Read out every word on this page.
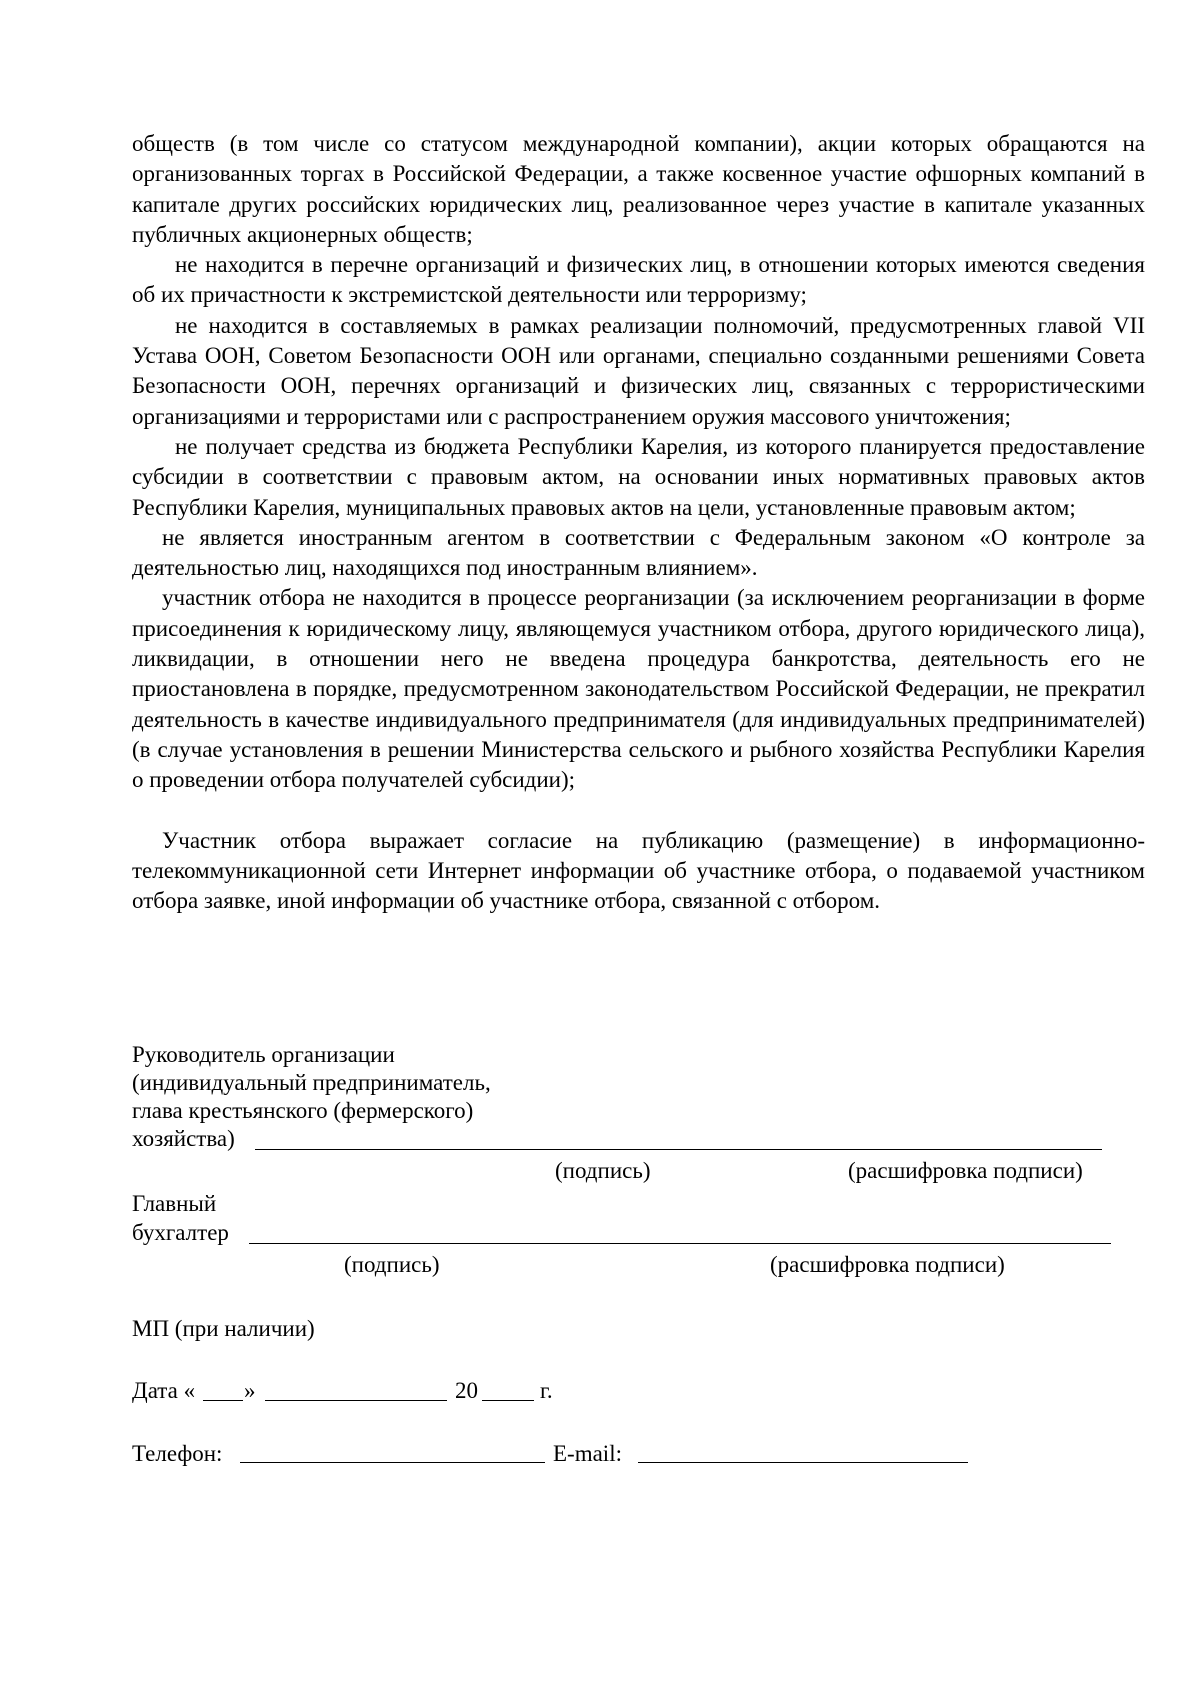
обществ (в том числе со статусом международной компании), акции которых обращаются на организованных торгах в Российской Федерации, а также косвенное участие офшорных компаний в капитале других российских юридических лиц, реализованное через участие в капитале указанных публичных акционерных обществ;

не находится в перечне организаций и физических лиц, в отношении которых имеются сведения об их причастности к экстремистской деятельности или терроризму;

не находится в составляемых в рамках реализации полномочий, предусмотренных главой VII Устава ООН, Советом Безопасности ООН или органами, специально созданными решениями Совета Безопасности ООН, перечнях организаций и физических лиц, связанных с террористическими организациями и террористами или с распространением оружия массового уничтожения;

не получает средства из бюджета Республики Карелия, из которого планируется предоставление субсидии в соответствии с правовым актом, на основании иных нормативных правовых актов Республики Карелия, муниципальных правовых актов на цели, установленные правовым актом;

не является иностранным агентом в соответствии с Федеральным законом «О контроле за деятельностью лиц, находящихся под иностранным влиянием».

участник отбора не находится в процессе реорганизации (за исключением реорганизации в форме присоединения к юридическому лицу, являющемуся участником отбора, другого юридического лица), ликвидации, в отношении него не введена процедура банкротства, деятельность его не приостановлена в порядке, предусмотренном законодательством Российской Федерации, не прекратил деятельность в качестве индивидуального предпринимателя (для индивидуальных предпринимателей) (в случае установления в решении Министерства сельского и рыбного хозяйства Республики Карелия о проведении отбора получателей субсидии);

Участник отбора выражает согласие на публикацию (размещение) в информационно-телекоммуникационной сети Интернет информации об участнике отбора, о подаваемой участником отбора заявке, иной информации об участнике отбора, связанной с отбором.

Руководитель организации
(индивидуальный предприниматель,
глава крестьянского (фермерского)
хозяйства)
(подпись)	(расшифровка подписи)
Главный
бухгалтер
(подпись)	(расшифровка подписи)
МП (при наличии)
Дата « »	20	г.
Телефон:	E-mail:
